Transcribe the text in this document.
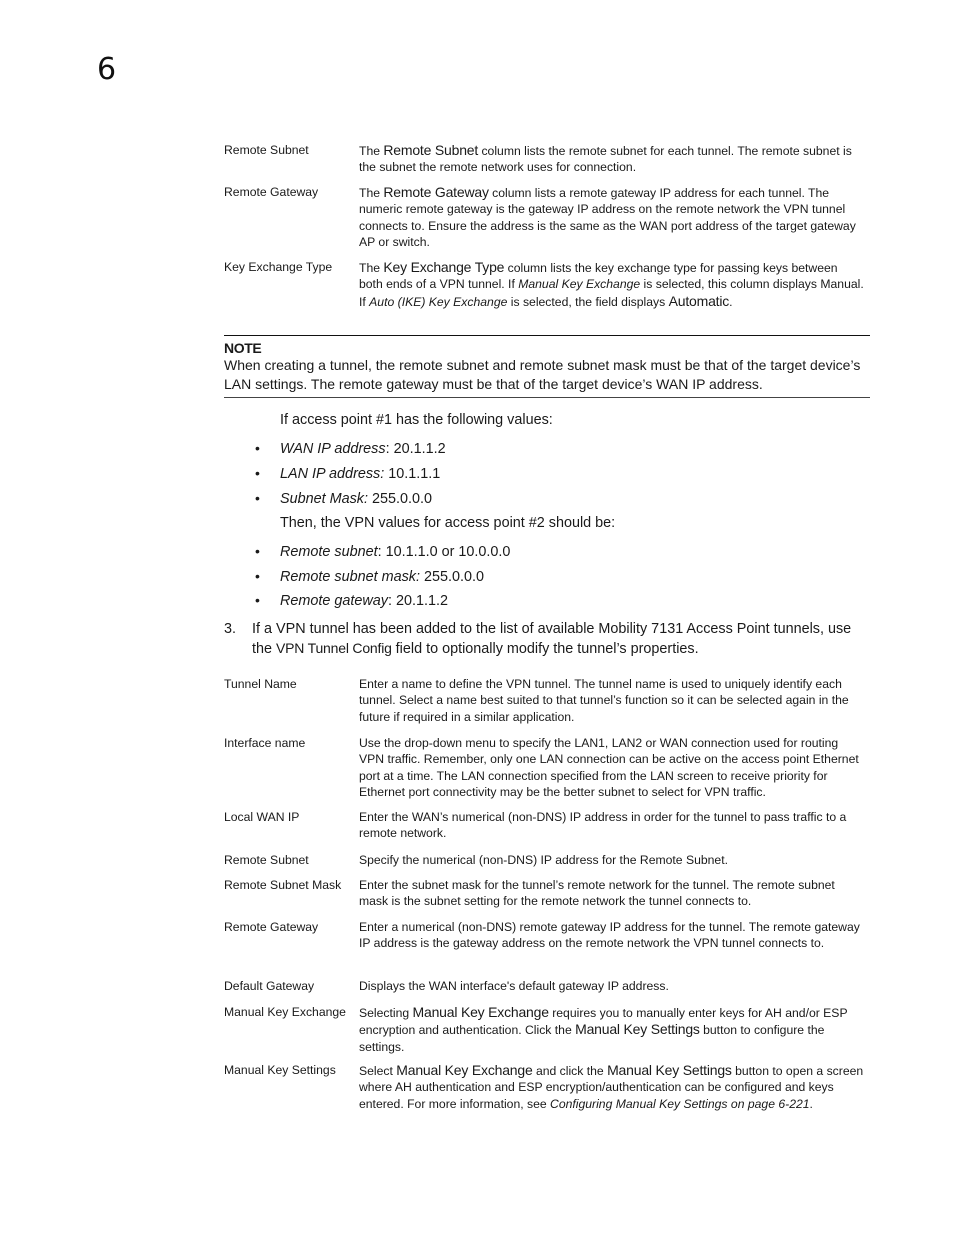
6
Remote Subnet	The Remote Subnet column lists the remote subnet for each tunnel. The remote subnet is the subnet the remote network uses for connection.
Remote Gateway	The Remote Gateway column lists a remote gateway IP address for each tunnel. The numeric remote gateway is the gateway IP address on the remote network the VPN tunnel connects to. Ensure the address is the same as the WAN port address of the target gateway AP or switch.
Key Exchange Type	The Key Exchange Type column lists the key exchange type for passing keys between both ends of a VPN tunnel. If Manual Key Exchange is selected, this column displays Manual. If Auto (IKE) Key Exchange is selected, the field displays Automatic.
NOTE
When creating a tunnel, the remote subnet and remote subnet mask must be that of the target device’s LAN settings. The remote gateway must be that of the target device’s WAN IP address.
If access point #1 has the following values:
• WAN IP address: 20.1.1.2
• LAN IP address: 10.1.1.1
• Subnet Mask: 255.0.0.0
Then, the VPN values for access point #2 should be:
• Remote subnet: 10.1.1.0 or 10.0.0.0
• Remote subnet mask: 255.0.0.0
• Remote gateway: 20.1.1.2
3. If a VPN tunnel has been added to the list of available Mobility 7131 Access Point tunnels, use the VPN Tunnel Config field to optionally modify the tunnel’s properties.
Tunnel Name	Enter a name to define the VPN tunnel. The tunnel name is used to uniquely identify each tunnel. Select a name best suited to that tunnel’s function so it can be selected again in the future if required in a similar application.
Interface name	Use the drop-down menu to specify the LAN1, LAN2 or WAN connection used for routing VPN traffic. Remember, only one LAN connection can be active on the access point Ethernet port at a time. The LAN connection specified from the LAN screen to receive priority for Ethernet port connectivity may be the better subnet to select for VPN traffic.
Local WAN IP	Enter the WAN’s numerical (non-DNS) IP address in order for the tunnel to pass traffic to a remote network.
Remote Subnet	Specify the numerical (non-DNS) IP address for the Remote Subnet.
Remote Subnet Mask	Enter the subnet mask for the tunnel’s remote network for the tunnel. The remote subnet mask is the subnet setting for the remote network the tunnel connects to.
Remote Gateway	Enter a numerical (non-DNS) remote gateway IP address for the tunnel. The remote gateway IP address is the gateway address on the remote network the VPN tunnel connects to.
Default Gateway	Displays the WAN interface's default gateway IP address.
Manual Key Exchange	Selecting Manual Key Exchange requires you to manually enter keys for AH and/or ESP encryption and authentication. Click the Manual Key Settings button to configure the settings.
Manual Key Settings	Select Manual Key Exchange and click the Manual Key Settings button to open a screen where AH authentication and ESP encryption/authentication can be configured and keys entered. For more information, see Configuring Manual Key Settings on page 6-221.
